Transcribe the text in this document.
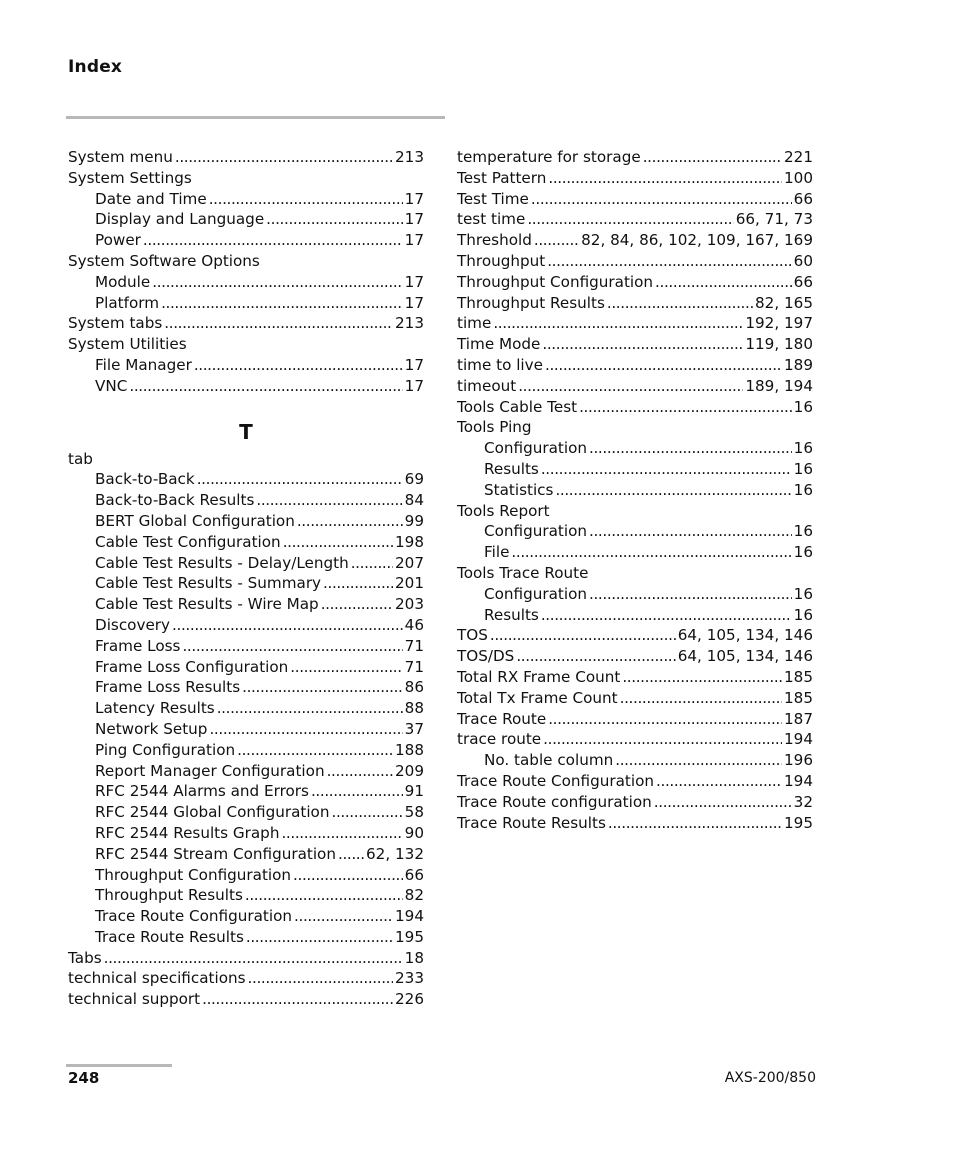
Index
System menu . . .	213
System Settings
Date and Time . . .	17
Display and Language . . .	17
Power . . .	17
System Software Options
Module . . .	17
Platform . . .	17
System tabs . . .	213
System Utilities
File Manager . . .	17
VNC . . .	17
T
tab
Back-to-Back . . .	69
Back-to-Back Results . . .	84
BERT Global Configuration . . .	99
Cable Test Configuration . . .	198
Cable Test Results - Delay/Length . . .	207
Cable Test Results - Summary . . .	201
Cable Test Results - Wire Map . . .	203
Discovery . . .	46
Frame Loss . . .	71
Frame Loss Configuration . . .	71
Frame Loss Results . . .	86
Latency Results . . .	88
Network Setup . . .	37
Ping Configuration . . .	188
Report Manager Configuration . . .	209
RFC 2544 Alarms and Errors . . .	91
RFC 2544 Global Configuration . . .	58
RFC 2544 Results Graph . . .	90
RFC 2544 Stream Configuration . . . 62, 132
Throughput Configuration . . .	66
Throughput Results . . .	82
Trace Route Configuration . . .	194
Trace Route Results . . .	195
Tabs . . .	18
technical specifications . . .	233
technical support . . .	226
temperature for storage . . .	221
Test Pattern . . .	100
Test Time . . .	66
test time . . .	66, 71, 73
Threshold . . .	82, 84, 86, 102, 109, 167, 169
Throughput . . .	60
Throughput Configuration . . .	66
Throughput Results . . .	82, 165
time . . .	192, 197
Time Mode . . .	119, 180
time to live . . .	189
timeout . . .	189, 194
Tools Cable Test . . .	16
Tools Ping
Configuration . . .	16
Results . . .	16
Statistics . . .	16
Tools Report
Configuration . . .	16
File . . .	16
Tools Trace Route
Configuration . . .	16
Results . . .	16
TOS . . .	64, 105, 134, 146
TOS/DS . . .	64, 105, 134, 146
Total RX Frame Count . . .	185
Total Tx Frame Count . . .	185
Trace Route . . .	187
trace route . . .	194
No. table column . . .	196
Trace Route Configuration . . .	194
Trace Route configuration . . .	32
Trace Route Results . . .	195
248	AXS-200/850
